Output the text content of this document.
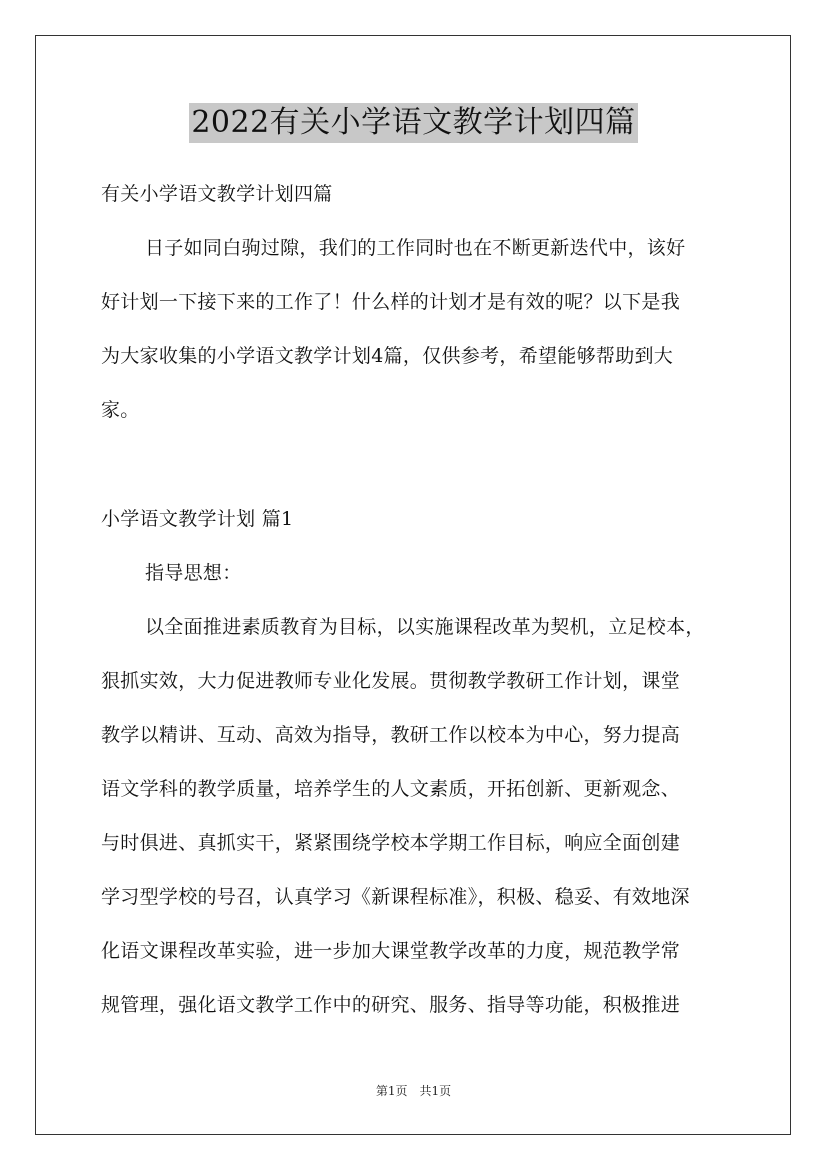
2022有关小学语文教学计划四篇
有关小学语文教学计划四篇
日子如同白驹过隙，我们的工作同时也在不断更新迭代中，该好
好计划一下接下来的工作了！什么样的计划才是有效的呢？以下是我
为大家收集的小学语文教学计划4篇，仅供参考，希望能够帮助到大
家。
小学语文教学计划 篇1
指导思想：
以全面推进素质教育为目标，以实施课程改革为契机，立足校本，
狠抓实效，大力促进教师专业化发展。贯彻教学教研工作计划，课堂
教学以精讲、互动、高效为指导，教研工作以校本为中心，努力提高
语文学科的教学质量，培养学生的人文素质，开拓创新、更新观念、
与时俱进、真抓实干，紧紧围绕学校本学期工作目标，响应全面创建
学习型学校的号召，认真学习《新课程标准》，积极、稳妥、有效地深
化语文课程改革实验，进一步加大课堂教学改革的力度，规范教学常
规管理，强化语文教学工作中的研究、服务、指导等功能，积极推进
第1页　共1页
